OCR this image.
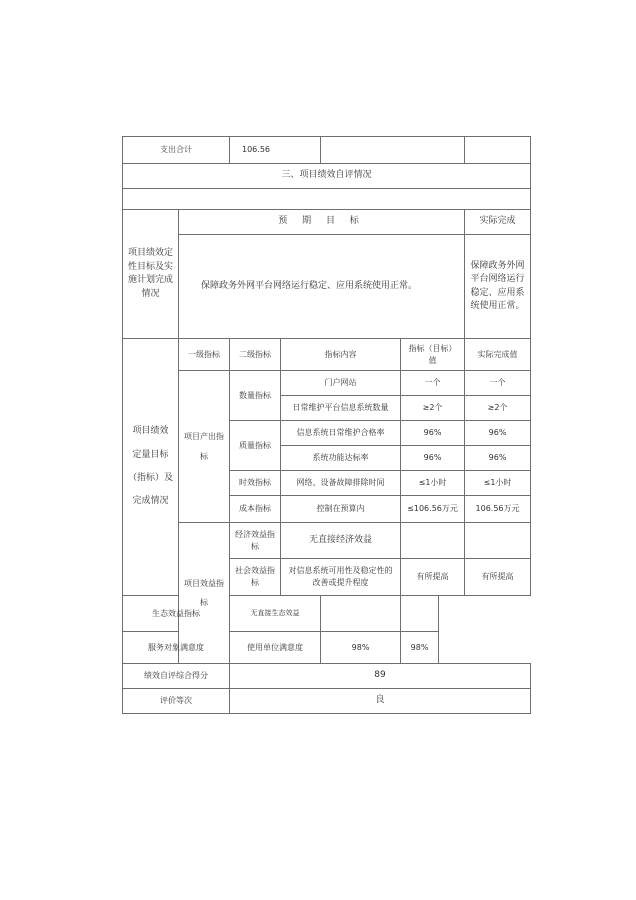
支出合计		106.56				
三、项目绩效自评情况						

项目绩效定性目标及实施计划完成情况	预 期 目 标					实际完成
	保障政务外网平台网络运行稳定、应用系统使用正常。					保障政务外网平台网络运行稳定、应用系统使用正常。

项目绩效
定量目标
（指标）及
完成情况	一级指标	二级指标	指标内容		指标（目标）值	实际完成值
	项目产出指标	数量指标	门户网站		一个	一个
			日常维护平台信息系统数量		≥2个	≥2个
		质量指标	信息系统日常维护合格率		96%	96%
			系统功能达标率		96%	96%
		时效指标	网络、设备故障排除时间		≤1小时	≤1小时
		成本指标	控制在预算内		≤106.56万元	106.56万元
	项目效益指标	经济效益指标	无直接经济效益			
		社会效益指标	对信息系统可用性及稳定性的改善或提升程度		有所提高	有所提高
生态效益指标		无直接生态效益				
服务对象满意度		使用单位满意度		98%	98%	
绩效自评综合得分		89				
评价等次		良				
